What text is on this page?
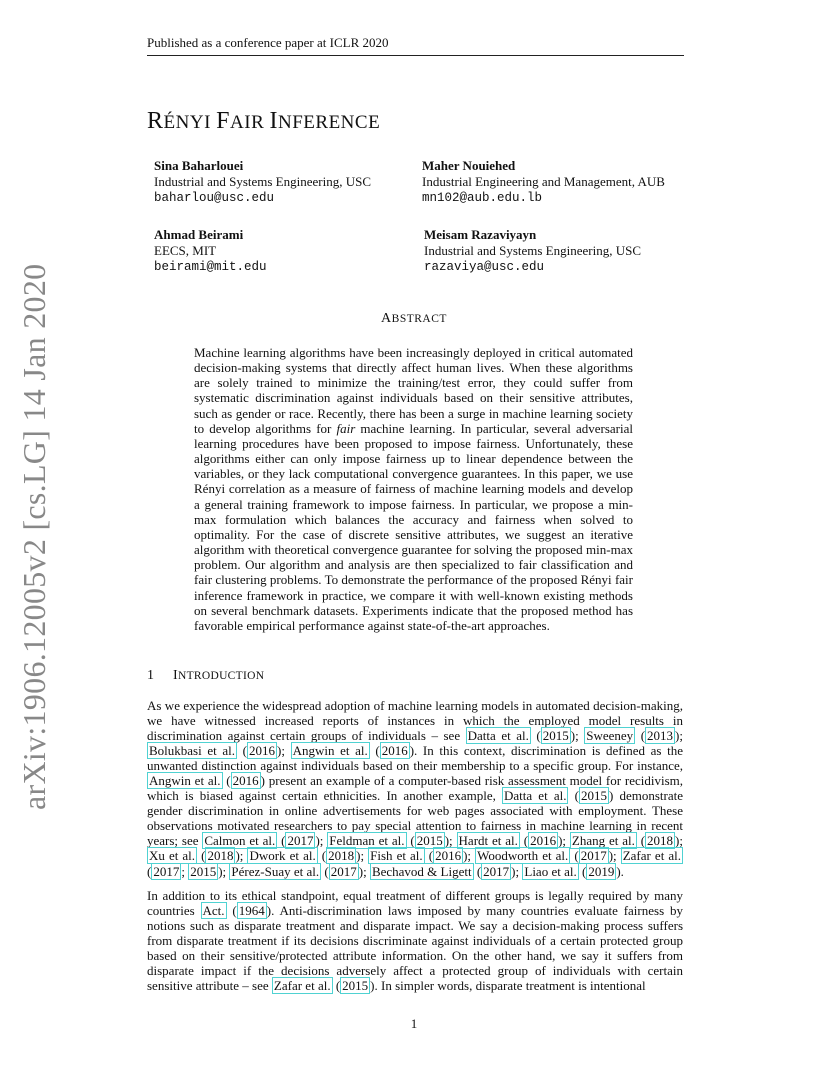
Published as a conference paper at ICLR 2020
arXiv:1906.12005v2 [cs.LG] 14 Jan 2020
RÉNYI FAIR INFERENCE
Sina Baharlouei
Industrial and Systems Engineering, USC
baharlou@usc.edu
Maher Nouiehed
Industrial Engineering and Management, AUB
mn102@aub.edu.lb
Ahmad Beirami
EECS, MIT
beirami@mit.edu
Meisam Razaviyayn
Industrial and Systems Engineering, USC
razaviya@usc.edu
ABSTRACT

Machine learning algorithms have been increasingly deployed in critical automated decision-making systems that directly affect human lives. When these algorithms are solely trained to minimize the training/test error, they could suffer from systematic discrimination against individuals based on their sensitive attributes, such as gender or race. Recently, there has been a surge in machine learning society to develop algorithms for fair machine learning. In particular, several adversarial learning procedures have been proposed to impose fairness. Unfortunately, these algorithms either can only impose fairness up to linear dependence between the variables, or they lack computational convergence guarantees. In this paper, we use Rényi correlation as a measure of fairness of machine learning models and develop a general training framework to impose fairness. In particular, we propose a min-max formulation which balances the accuracy and fairness when solved to optimality. For the case of discrete sensitive attributes, we suggest an iterative algorithm with theoretical convergence guarantee for solving the proposed min-max problem. Our algorithm and analysis are then specialized to fair classification and fair clustering problems. To demonstrate the performance of the proposed Rényi fair inference framework in practice, we compare it with well-known existing methods on several benchmark datasets. Experiments indicate that the proposed method has favorable empirical performance against state-of-the-art approaches.

1 INTRODUCTION

As we experience the widespread adoption of machine learning models in automated decision-making, we have witnessed increased reports of instances in which the employed model results in discrimination against certain groups of individuals – see Datta et al. ( 2015 ); Sweeney ( 2013 ); Bolukbasi et al. ( 2016 ); Angwin et al. ( 2016 ). In this context, discrimination is defined as the unwanted distinction against individuals based on their membership to a specific group. For instance, Angwin et al. ( 2016 ) present an example of a computer-based risk assessment model for recidivism, which is biased against certain ethnicities. In another example, Datta et al. ( 2015 ) demonstrate gender discrimination in online advertisements for web pages associated with employment. These observations motivated researchers to pay special attention to fairness in machine learning in recent years; see Calmon et al. ( 2017 ); Feldman et al. ( 2015 ); Hardt et al. ( 2016 ); Zhang et al. ( 2018 ); Xu et al. ( 2018 ); Dwork et al. ( 2018 ); Fish et al. ( 2016 ); Woodworth et al. ( 2017 ); Zafar et al. ( 2017 ; 2015 ); Pérez-Suay et al. ( 2017 ); Bechavod & Ligett ( 2017 ); Liao et al. ( 2019 ).

In addition to its ethical standpoint, equal treatment of different groups is legally required by many countries Act. ( 1964 ). Anti-discrimination laws imposed by many countries evaluate fairness by notions such as disparate treatment and disparate impact. We say a decision-making process suffers from disparate treatment if its decisions discriminate against individuals of a certain protected group based on their sensitive/protected attribute information. On the other hand, we say it suffers from disparate impact if the decisions adversely affect a protected group of individuals with certain sensitive attribute – see Zafar et al. ( 2015 ). In simpler words, disparate treatment is intentional

1
